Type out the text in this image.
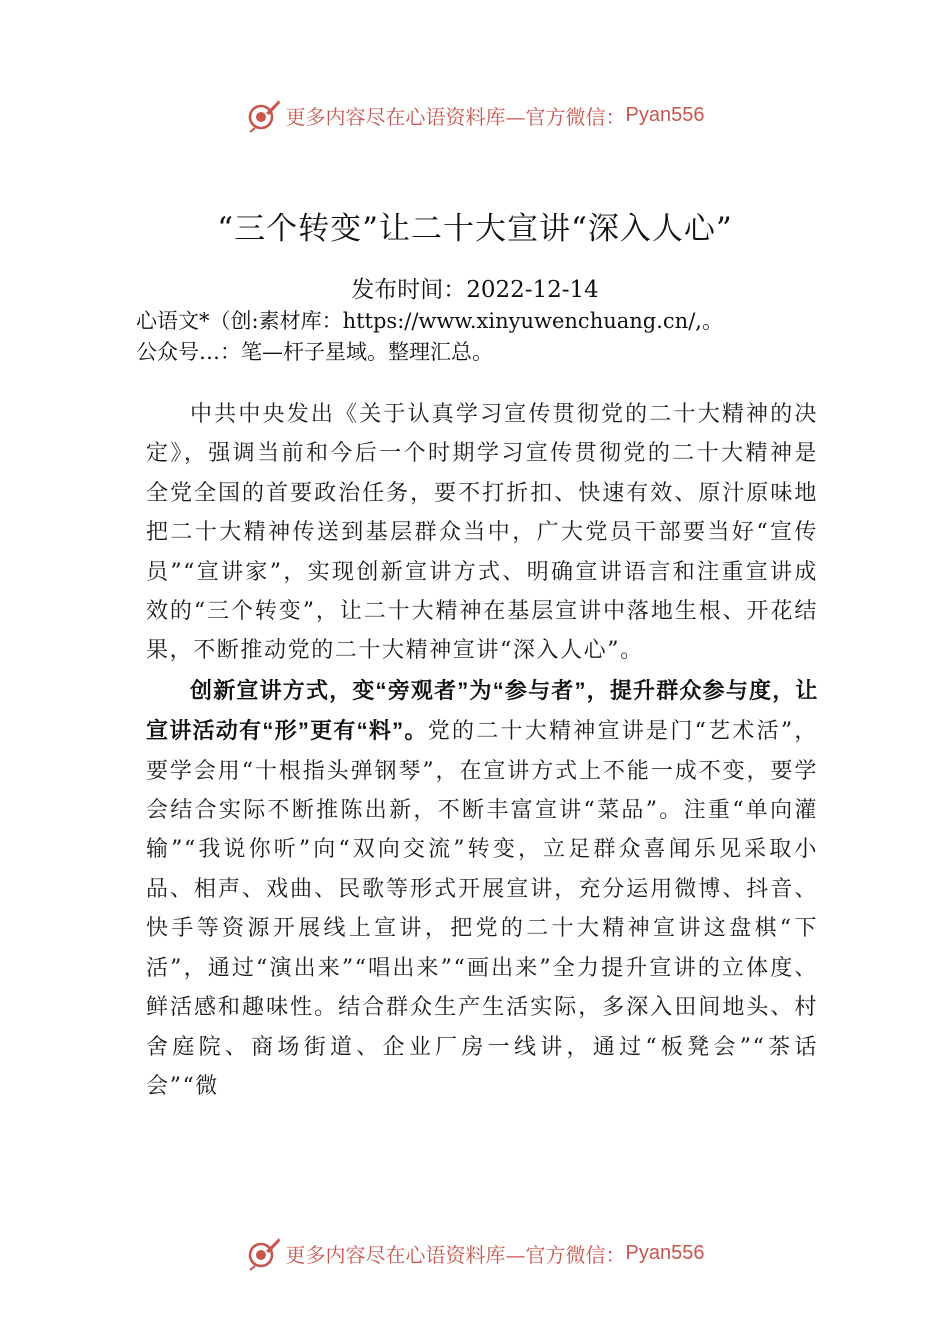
更多内容尽在心语资料库—官方微信： Pyan556
“三个转变”让二十大宣讲“深入人心”
发布时间：2022-12-14
心语文*（创:素材库：https://www.xinyuwenchuang.cn/,。
公众号…：笔—杆子星域。整理汇总。

中共中央发出《关于认真学习宣传贯彻党的二十大精神的决定》，强调当前和今后一个时期学习宣传贯彻党的二十大精神是全党全国的首要政治任务，要不打折扣、快速有效、原汁原味地把二十大精神传送到基层群众当中，广大党员干部要当好“宣传员”“宣讲家”，实现创新宣讲方式、明确宣讲语言和注重宣讲成效的“三个转变”，让二十大精神在基层宣讲中落地生根、开花结果，不断推动党的二十大精神宣讲“深入人心”。

创新宣讲方式，变“旁观者”为“参与者”，提升群众参与度，让宣讲活动有“形”更有“料”。党的二十大精神宣讲是门“艺术活”，要学会用“十根指头弹钢琴”，在宣讲方式上不能一成不变，要学会结合实际不断推陈出新，不断丰富宣讲“菜品”。注重“单向灌输”“我说你听”向“双向交流”转变，立足群众喜闻乐见采取小品、相声、戏曲、民歌等形式开展宣讲，充分运用微博、抖音、快手等资源开展线上宣讲，把党的二十大精神宣讲这盘棋“下活”，通过“演出来”“唱出来”“画出来”全力提升宣讲的立体度、鲜活感和趣味性。结合群众生产生活实际，多深入田间地头、村舍庭院、商场街道、企业厂房一线讲，通过“板凳会”“茶话会”“微

更多内容尽在心语资料库—官方微信： Pyan556
